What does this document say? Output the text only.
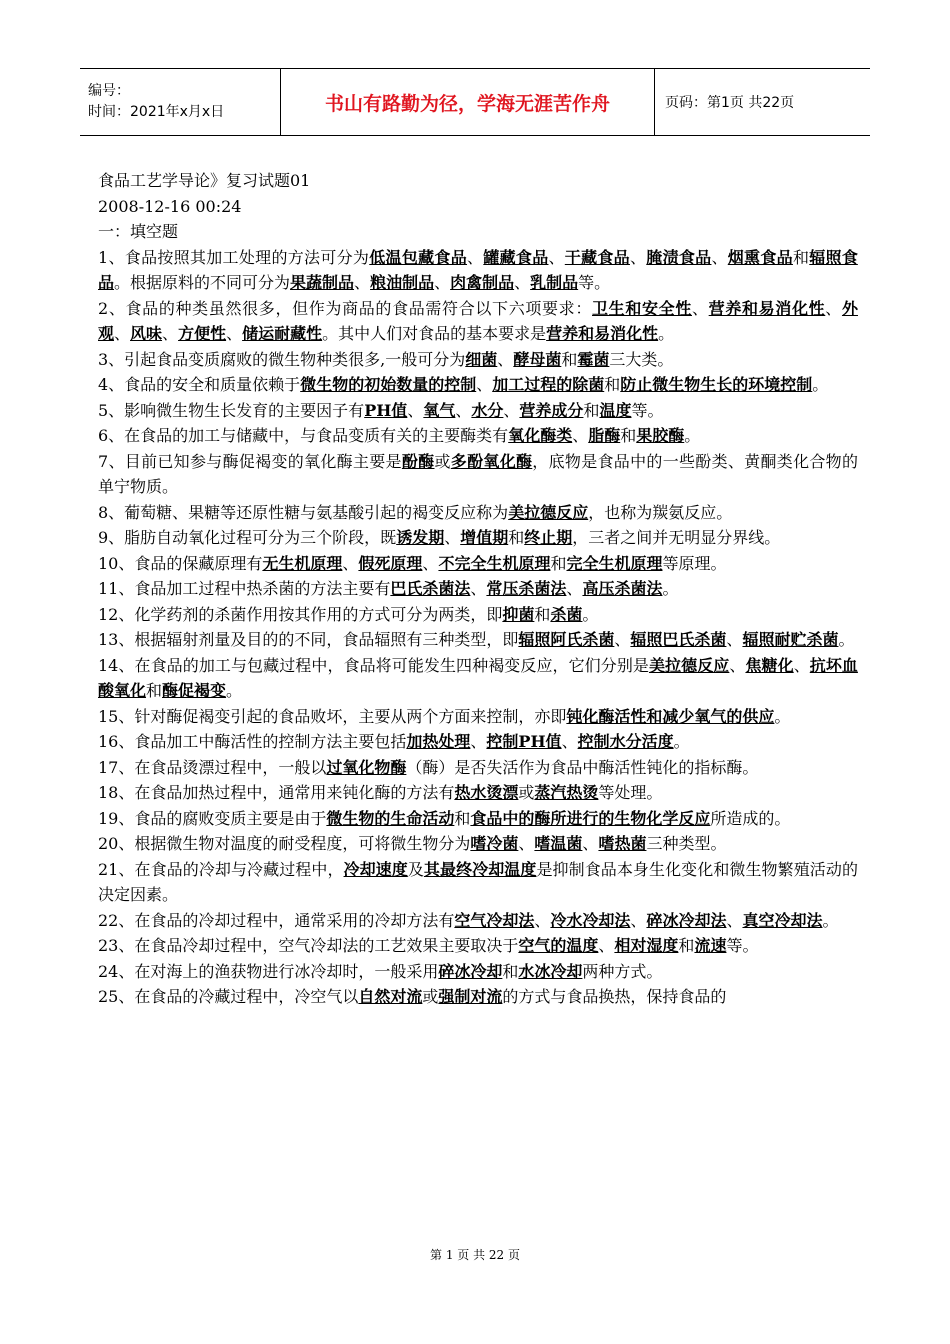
编号：
时间：2021年x月x日	书山有路勤为径，学海无涯苦作舟	页码：第1页 共22页
食品工艺学导论》复习试题01
2008-12-16 00:24
一：填空题
1、食品按照其加工处理的方法可分为低温包藏食品、罐藏食品、干藏食品、腌渍食品、烟熏食品和辐照食品。根据原料的不同可分为果蔬制品、粮油制品、肉禽制品、乳制品等。
2、食品的种类虽然很多，但作为商品的食品需符合以下六项要求：卫生和安全性、营养和易消化性、外观、风味、方便性、储运耐藏性。其中人们对食品的基本要求是营养和易消化性。
3、引起食品变质腐败的微生物种类很多,一般可分为细菌、酵母菌和霉菌三大类。
4、食品的安全和质量依赖于微生物的初始数量的控制、加工过程的除菌和防止微生物生长的环境控制。
5、影响微生物生长发育的主要因子有PH值、氧气、水分、营养成分和温度等。
6、在食品的加工与储藏中，与食品变质有关的主要酶类有氧化酶类、脂酶和果胶酶。
7、目前已知参与酶促褐变的氧化酶主要是酚酶或多酚氧化酶，底物是食品中的一些酚类、黄酮类化合物的单宁物质。
8、葡萄糖、果糖等还原性糖与氨基酸引起的褐变反应称为美拉德反应，也称为羰氨反应。
9、脂肪自动氧化过程可分为三个阶段，既诱发期、增值期和终止期，三者之间并无明显分界线。
10、食品的保藏原理有无生机原理、假死原理、不完全生机原理和完全生机原理等原理。
11、食品加工过程中热杀菌的方法主要有巴氏杀菌法、常压杀菌法、高压杀菌法。
12、化学药剂的杀菌作用按其作用的方式可分为两类，即抑菌和杀菌。
13、根据辐射剂量及目的的不同，食品辐照有三种类型，即辐照阿氏杀菌、辐照巴氏杀菌、辐照耐贮杀菌。
14、在食品的加工与包藏过程中，食品将可能发生四种褐变反应，它们分别是美拉德反应、焦糖化、抗坏血酸氧化和酶促褐变。
15、针对酶促褐变引起的食品败坏，主要从两个方面来控制，亦即钝化酶活性和减少氧气的供应。
16、食品加工中酶活性的控制方法主要包括加热处理、控制PH值、控制水分活度。
17、在食品烫漂过程中，一般以过氧化物酶（酶）是否失活作为食品中酶活性钝化的指标酶。
18、在食品加热过程中，通常用来钝化酶的方法有热水烫漂或蒸汽热烫等处理。
19、食品的腐败变质主要是由于微生物的生命活动和食品中的酶所进行的生物化学反应所造成的。
20、根据微生物对温度的耐受程度，可将微生物分为嗜冷菌、嗜温菌、嗜热菌三种类型。
21、在食品的冷却与冷藏过程中，冷却速度及其最终冷却温度是抑制食品本身生化变化和微生物繁殖活动的决定因素。
22、在食品的冷却过程中，通常采用的冷却方法有空气冷却法、冷水冷却法、碎冰冷却法、真空冷却法。
23、在食品冷却过程中，空气冷却法的工艺效果主要取决于空气的温度、相对湿度和流速等。
24、在对海上的渔获物进行冰冷却时，一般采用碎冰冷却和水冰冷却两种方式。
25、在食品的冷藏过程中，冷空气以自然对流或强制对流的方式与食品换热，保持食品的
第 1 页 共 22 页
